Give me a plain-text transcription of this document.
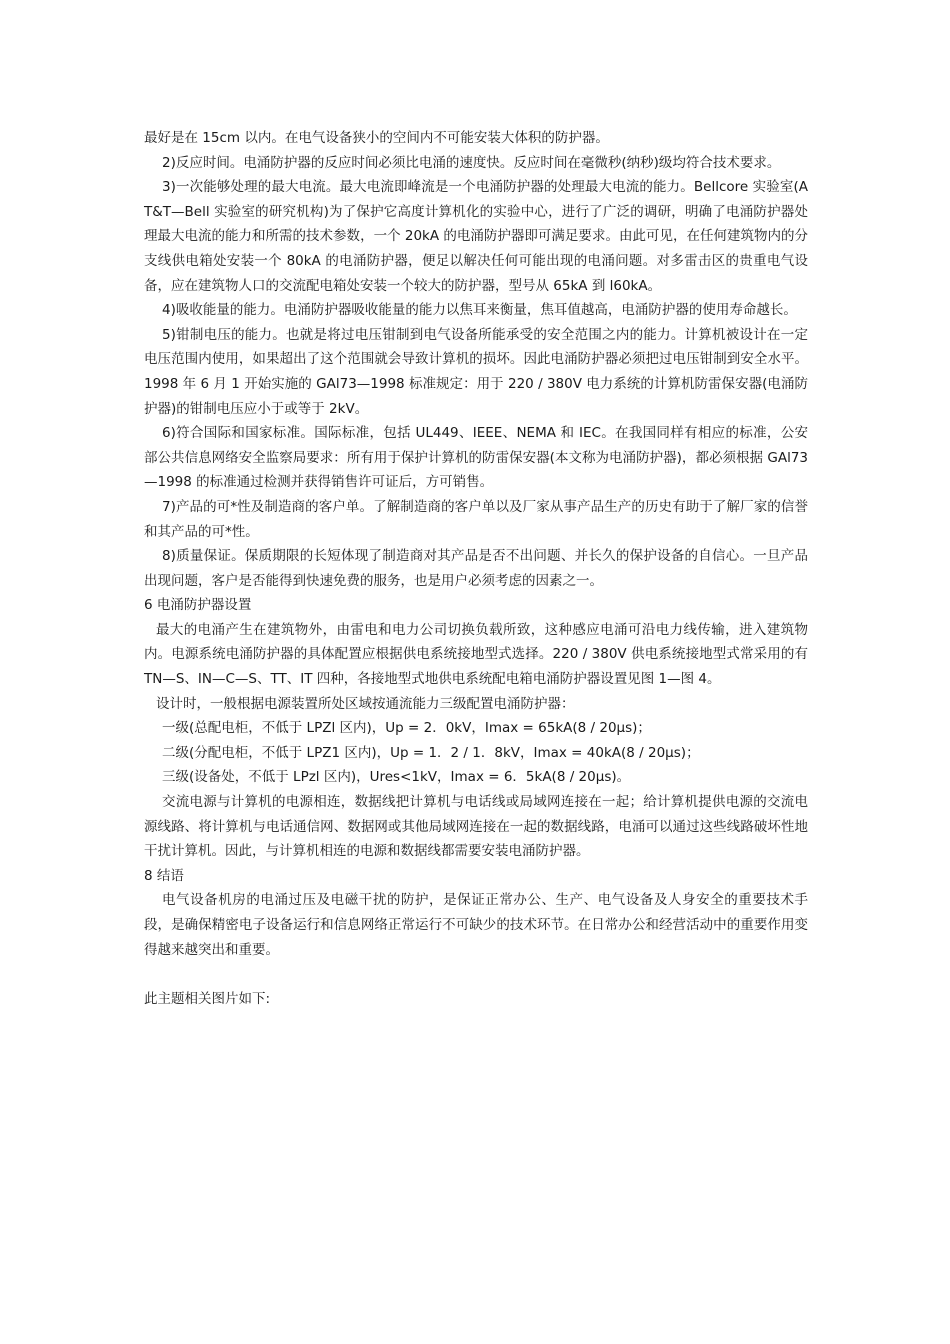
最好是在 15cm 以内。在电气设备狭小的空间内不可能安装大体积的防护器。

2)反应时间。电涌防护器的反应时间必须比电涌的速度快。反应时间在毫微秒(纳秒)级均符合技术要求。

3)一次能够处理的最大电流。最大电流即峰流是一个电涌防护器的处理最大电流的能力。Bellcore 实验室(AT&T—Bell 实验室的研究机构)为了保护它高度计算机化的实验中心，进行了广泛的调研，明确了电涌防护器处理最大电流的能力和所需的技术参数，一个 20kA 的电涌防护器即可满足要求。由此可见，在任何建筑物内的分支线供电箱处安装一个 80kA 的电涌防护器，便足以解决任何可能出现的电涌问题。对多雷击区的贵重电气设备，应在建筑物人口的交流配电箱处安装一个较大的防护器，型号从 65kA 到 l60kA。

4)吸收能量的能力。电涌防护器吸收能量的能力以焦耳来衡量，焦耳值越高，电涌防护器的使用寿命越长。

5)钳制电压的能力。也就是将过电压钳制到电气设备所能承受的安全范围之内的能力。计算机被设计在一定电压范围内使用，如果超出了这个范围就会导致计算机的损坏。因此电涌防护器必须把过电压钳制到安全水平。1998 年 6 月 1 开始实施的 GAl73—1998 标准规定：用于 220 / 380V 电力系统的计算机防雷保安器(电涌防护器)的钳制电压应小于或等于 2kV。

6)符合国际和国家标准。国际标准，包括 UL449、IEEE、NEMA 和 IEC。在我国同样有相应的标准，公安部公共信息网络安全监察局要求：所有用于保护计算机的防雷保安器(本文称为电涌防护器)，都必须根据 GAl73—1998 的标准通过检测并获得销售许可证后，方可销售。

7)产品的可*性及制造商的客户单。了解制造商的客户单以及厂家从事产品生产的历史有助于了解厂家的信誉和其产品的可*性。

8)质量保证。保质期限的长短体现了制造商对其产品是否不出问题、并长久的保护设备的自信心。一旦产品出现问题，客户是否能得到快速免费的服务，也是用户必须考虑的因素之一。

6 电涌防护器设置

最大的电涌产生在建筑物外，由雷电和电力公司切换负载所致，这种感应电涌可沿电力线传输，进入建筑物内。电源系统电涌防护器的具体配置应根据供电系统接地型式选择。220 / 380V 供电系统接地型式常采用的有 TN—S、IN—C—S、TT、IT 四种，各接地型式地供电系统配电箱电涌防护器设置见图 1—图 4。

设计时，一般根据电源装置所处区域按通流能力三级配置电涌防护器：

一级(总配电柜，不低于 LPZl 区内)，Up = 2．0kV，Imax = 65kA(8 / 20μs)；

二级(分配电柜，不低于 LPZ1 区内)，Up = 1．2 / 1．8kV，Imax = 40kA(8 / 20μs)；

三级(设备处，不低于 LPzl 区内)，Ures<1kV，Imax = 6．5kA(8 / 20μs)。

交流电源与计算机的电源相连，数据线把计算机与电话线或局域网连接在一起；给计算机提供电源的交流电源线路、将计算机与电话通信网、数据网或其他局域网连接在一起的数据线路，电涌可以通过这些线路破坏性地干扰计算机。因此，与计算机相连的电源和数据线都需要安装电涌防护器。

8 结语

电气设备机房的电涌过压及电磁干扰的防护，是保证正常办公、生产、电气设备及人身安全的重要技术手段，是确保精密电子设备运行和信息网络正常运行不可缺少的技术环节。在日常办公和经营活动中的重要作用变得越来越突出和重要。

此主题相关图片如下:
